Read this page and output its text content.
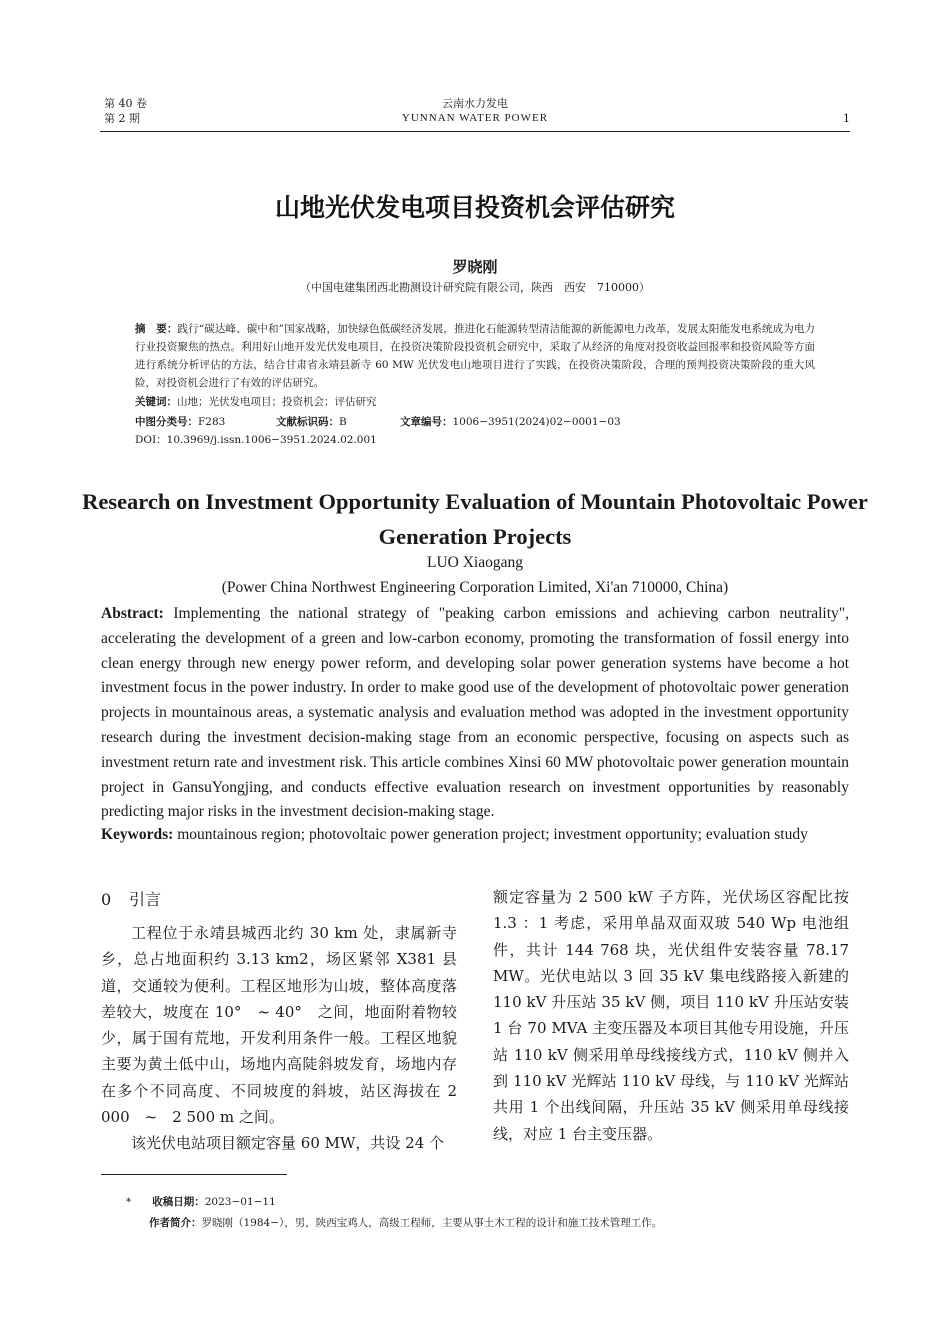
第 40 卷
第 2 期
云南水力发电
YUNNAN WATER POWER	1
山地光伏发电项目投资机会评估研究
罗晓刚
（中国电建集团西北勘测设计研究院有限公司，陕西　西安　710000）
摘　要：践行“碳达峰、碳中和”国家战略，加快绿色低碳经济发展，推进化石能源转型清洁能源的新能源电力改革，发展太阳能发电系统成为电力行业投资聚焦的热点。利用好山地开发光伏发电项目，在投资决策阶段投资机会研究中，采取了从经济的角度对投资收益回报率和投资风险等方面进行系统分析评估的方法，结合甘肃省永靖县新寺 60 MW 光伏发电山地项目进行了实践，在投资决策阶段，合理的预判投资决策阶段的重大风险，对投资机会进行了有效的评估研究。
关键词：山地；光伏发电项目；投资机会；评估研究
中图分类号：F283	文献标识码：B	文章编号：1006−3951(2024)02−0001−03
DOI：10.3969/j.issn.1006−3951.2024.02.001
Research on Investment Opportunity Evaluation of Mountain Photovoltaic Power Generation Projects
LUO Xiaogang
(Power China Northwest Engineering Corporation Limited, Xi'an 710000, China)
Abstract: Implementing the national strategy of "peaking carbon emissions and achieving carbon neutrality", accelerating the development of a green and low-carbon economy, promoting the transformation of fossil energy into clean energy through new energy power reform, and developing solar power generation systems have become a hot investment focus in the power industry. In order to make good use of the development of photovoltaic power generation projects in mountainous areas, a systematic analysis and evaluation method was adopted in the investment opportunity research during the investment decision-making stage from an economic perspective, focusing on aspects such as investment return rate and investment risk. This article combines Xinsi 60 MW photovoltaic power generation mountain project in GansuYongjing, and conducts effective evaluation research on investment opportunities by reasonably predicting major risks in the investment decision-making stage.
Keywords: mountainous region; photovoltaic power generation project; investment opportunity; evaluation study
0 引言

工程位于永靖县城西北约 30 km 处，隶属新寺乡，总占地面积约 3.13 km2，场区紧邻 X381 县道，交通较为便利。工程区地形为山坡，整体高度落差较大，坡度在 10°　~ 40°　之间，地面附着物较少，属于国有荒地，开发利用条件一般。工程区地貌主要为黄土低中山，场地内高陡斜坡发育，场地内存在多个不同高度、不同坡度的斜坡，站区海拔在 2 000　~　2 500 m 之间。

该光伏电站项目额定容量 60 MW，共设 24 个

额定容量为 2 500 kW 子方阵，光伏场区容配比按 1.3 ：1 考虑，采用单晶双面双玻 540 Wp 电池组件，共计 144 768 块，光伏组件安装容量 78.17 MW。光伏电站以 3 回 35 kV 集电线路接入新建的 110 kV 升压站 35 kV 侧，项目 110 kV 升压站安装 1 台 70 MVA 主变压器及本项目其他专用设施，升压站 110 kV 侧采用单母线接线方式，110 kV 侧并入到 110 kV 光辉站 110 kV 母线，与 110 kV 光辉站共用 1 个出线间隔，升压站 35 kV 侧采用单母线接线，对应 1 台主变压器。

*　　 收稿日期：2023−01−11
作者简介：罗晓刚（1984−），男，陕西宝鸡人，高级工程师，主要从事土木工程的设计和施工技术管理工作。
